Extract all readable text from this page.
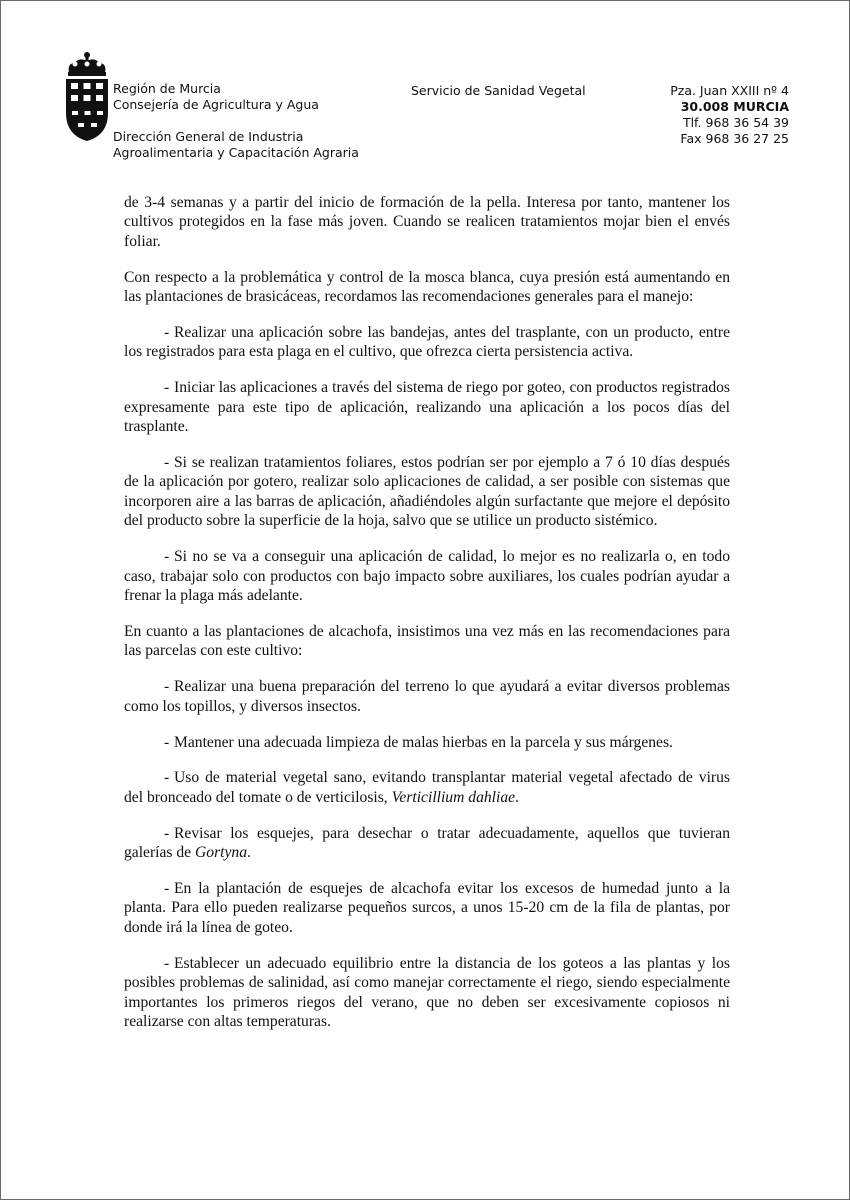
Región de Murcia
Consejería de Agricultura y Agua
Dirección General de Industria
Agroalimentaria y Capacitación Agraria
Servicio de Sanidad Vegetal	Pza. Juan XXIII nº 4
30.008 MURCIA
Tlf. 968 36 54 39
Fax 968 36 27 25

de 3-4 semanas y a partir del inicio de formación de la pella. Interesa por tanto, mantener los cultivos protegidos en la fase más joven. Cuando se realicen tratamientos mojar bien el envés foliar.

Con respecto a la problemática y control de la mosca blanca, cuya presión está aumentando en las plantaciones de brasicáceas, recordamos las recomendaciones generales para el manejo:

- Realizar una aplicación sobre las bandejas, antes del trasplante, con un producto, entre los registrados para esta plaga en el cultivo, que ofrezca cierta persistencia activa.

- Iniciar las aplicaciones a través del sistema de riego por goteo, con productos registrados expresamente para este tipo de aplicación, realizando una aplicación a los pocos días del trasplante.

- Si se realizan tratamientos foliares, estos podrían ser por ejemplo a 7 ó 10 días después de la aplicación por gotero, realizar solo aplicaciones de calidad, a ser posible con sistemas que incorporen aire a las barras de aplicación, añadiéndoles algún surfactante que mejore el depósito del producto sobre la superficie de la hoja, salvo que se utilice un producto sistémico.

- Si no se va a conseguir una aplicación de calidad, lo mejor es no realizarla o, en todo caso, trabajar solo con productos con bajo impacto sobre auxiliares, los cuales podrían ayudar a frenar la plaga más adelante.

En cuanto a las plantaciones de alcachofa, insistimos una vez más en las recomendaciones para las parcelas con este cultivo:

- Realizar una buena preparación del terreno lo que ayudará a evitar diversos problemas como los topillos, y diversos insectos.

- Mantener una adecuada limpieza de malas hierbas en la parcela y sus márgenes.

- Uso de material vegetal sano, evitando transplantar material vegetal afectado de virus del bronceado del tomate o de verticilosis, Verticillium dahliae.

- Revisar los esquejes, para desechar o tratar adecuadamente, aquellos que tuvieran galerías de Gortyna.

- En la plantación de esquejes de alcachofa evitar los excesos de humedad junto a la planta. Para ello pueden realizarse pequeños surcos, a unos 15-20 cm de la fila de plantas, por donde irá la línea de goteo.

- Establecer un adecuado equilibrio entre la distancia de los goteos a las plantas y los posibles problemas de salinidad, así como manejar correctamente el riego, siendo especialmente importantes los primeros riegos del verano, que no deben ser excesivamente copiosos ni realizarse con altas temperaturas.
